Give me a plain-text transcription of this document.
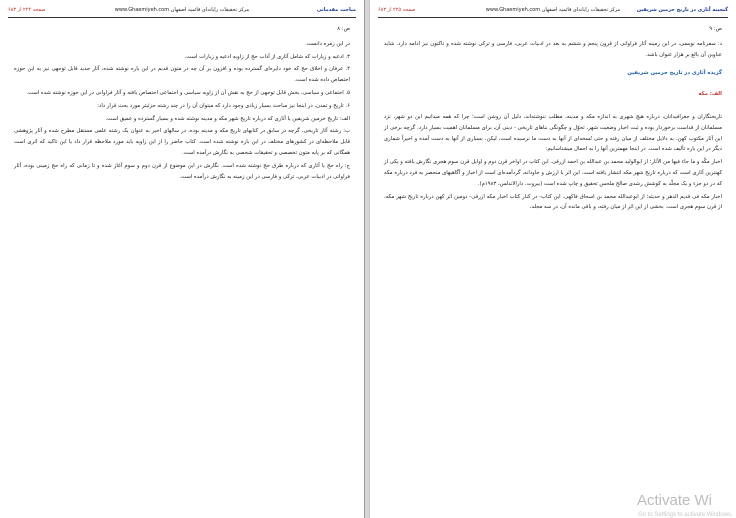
مباحث مقدماتی
مرکز تحقیقات رایانه‌ای قائمیه اصفهان www.Ghaemiyeh.com
صفحه ۲۲۴ از ۶۸۳

ص: ۸

در این زمره دانست.

۳. ادعیه و زیارات که شامل آثاری از آداب حج از زاویه ادعیه و زیارات است.

۴. عرفان و اخلاق حج که خود دایره‌ای گسترده بوده و افزون بر آن چه در متون قدیم در این باره نوشته شده، آثار جدید قابل توجهی نیز به این حوزه اختصاص داده شده است.

۵. اجتماعی و سیاسی، بخش قابل توجهی از حج به نقش آن از زاویه سیاسی و اجتماعی اختصاص یافته و آثار فراوانی در این حوزه نوشته شده است.

۶. تاریخ و تمدن، در اینجا نیز مباحث بسیار زیادی وجود دارد که میتوان آن را در چند رشته جزئیتر مورد بحث قرار داد:

الف: تاریخ حرمین شریفین یا آثاری که درباره تاریخ شهر مکه و مدینه نوشته شده و بسیار گسترده و عمیق است.

ب: رشته آثار تاریخی، گرچه در سابق در کتابهای تاریخ مکه و مدینه بوده، در سالهای اخیر به عنوان یک رشته علمی مستقل مطرح شده و آثار پژوهشی قابل ملاحظه‌ای در کشورهای مختلف در این باره نوشته شده است. کتاب حاضر را از این زاویه باید مورد ملاحظه قرار داد یا این تاکید که اثری است همگانی که بر پایه متون تخصصی و تحقیقات شخصی به نگارش درآمده است.

ج: راه حج یا آثاری که درباره طرق حج نوشته شده است. نگارش در این موضوع از قرن دوم و سوم آغاز شده و تا زمانی که راه حج زمینی بوده، آثار فراوانی در ادبیات عربی، ترکی و فارسی در این زمینه به نگارش درآمده است.

گنجینه آثاری در تاریخ حرمین شریفین
مرکز تحقیقات رایانه‌ای قائمیه اصفهان www.Ghaemiyeh.com
صفحه ۲۲۵ از ۶۸۳

ص: ۹

د: سفرنامه نویسی، در این زمینه آثار فراوانی از قرون پنجم و ششم به بعد در ادبیات عربی، فارسی و ترکی نوشته شده و تاکنون نیز ادامه دارد. شاید عناوین آن بالغ بر هزار عنوان باشد.

گزیده آثاری در تاریخ حرمین شریفین

الف: مکه

تاریخنگاران و جغرافیدانان، درباره هیچ شهری به اندازه مکه و مدینه، مطلب ننوشته‌اند، دلیل آن روشن است؛ چرا که همه میدانیم این دو شهر، نزد مسلمانان از قداست برخوردار بوده و ثبت اخبار وضعیت شهر، تحوّل و چگونگی بناهای تاریخی - دینی آن، برای مسلمانان اهمیت بسیار دارد. گرچه برخی از این آثار مکتوب کهن، به دلایل مختلف از میان رفته و حتی نُسخه‌ای از آنها به دست ما نرسیده است، لیکن، بسیاری از آنها به دست آمده و اخیراً شماری دیگر در این باره تألیف شده است. در اینجا مهمترین آنها را به اجمال میشناسانیم:

اخبار مکّه و ما جاء فیها من الآثار؛ از ابوالولید محمد بن عبدالله بن احمد ازرقی. این کتاب در اواخر قرن دوم و اوایل قرن سوم هجری نگارش یافته و یکی از کهنترین آثاری است که درباره تاریخ شهر مکه انتشار یافته است. این اثر با ارزش و جاودانه، گردآمده‌ای است از اخبار و آگاهیهای منحصر به فرد درباره مکه که در دو جزء و یک مجلّد به کوشش رشدی صالح ملحس تحقیق و چاپ شده است (بیروت، دارالاندلس، ۱۹۸۳م).

اخبار مکه فی قدیم الدهر و حدیثه؛ از ابوعبدالله محمد بن اسحاق فاکهی. این کتاب- در کنار کتاب اخبار مکه ازرقی- دومین اثر کهن درباره تاریخ شهر مکه، از قرن سوم هجری است. بخشی از این اثر از میان رفته، و باقی مانده آن، در سه مجلد،

Activate Wi
Go to Settings to activate Windows.
